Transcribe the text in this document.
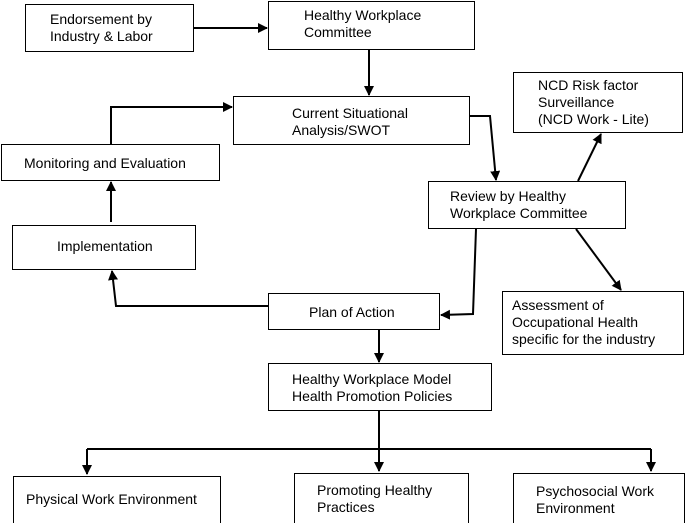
Endorsement by
Industry & Labor
Healthy Workplace
Committee
Current Situational
Analysis/SWOT
NCD Risk factor
Surveillance
(NCD Work - Lite)
Monitoring and Evaluation
Review by Healthy
Workplace Committee
Implementation
Plan of Action	Assessment of
Occupational Health
specific for the industry
Healthy Workplace Model
Health Promotion Policies
Physical Work Environment
Promoting Healthy
Practices
Psychosocial Work
Environment
